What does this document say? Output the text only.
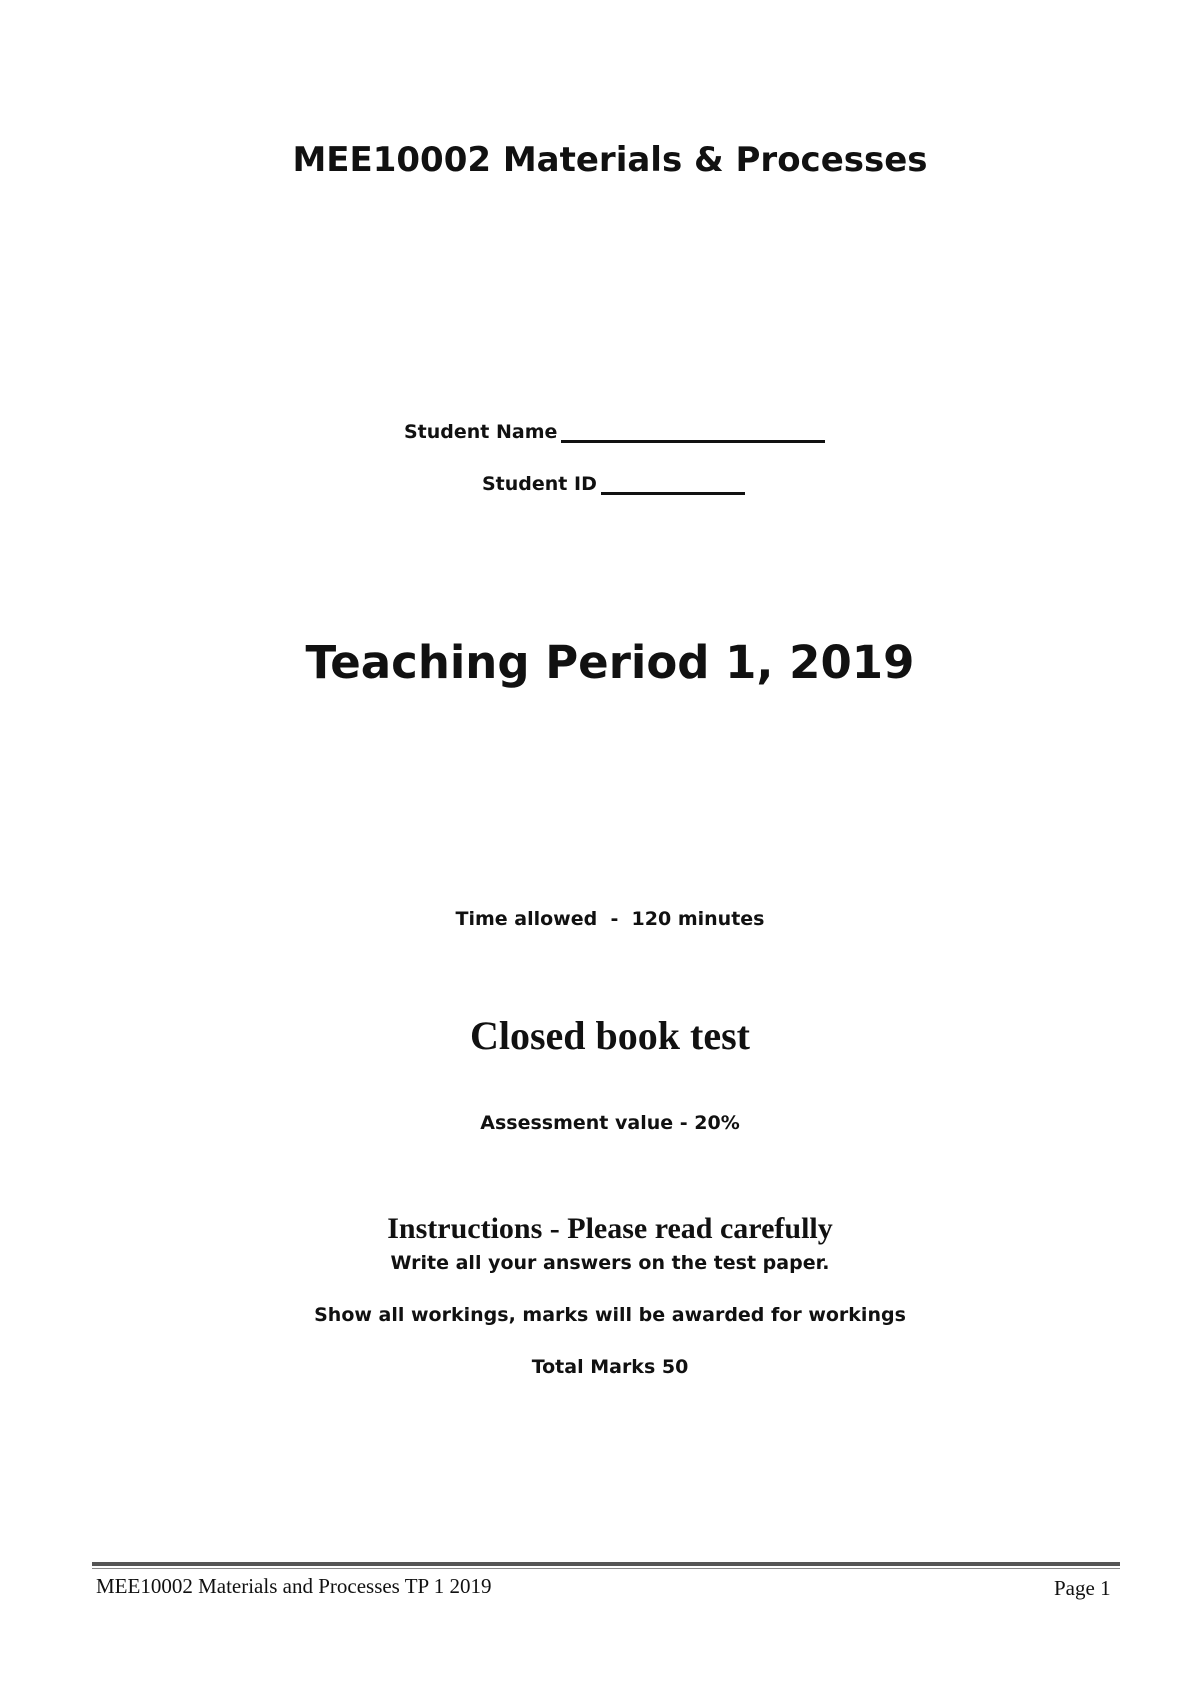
MEE10002 Materials & Processes
Student Name
Student ID
Teaching Period 1, 2019
Time allowed  -  120 minutes
Closed book test
Assessment value - 20%
Instructions - Please read carefully
Write all your answers on the test paper.
Show all workings, marks will be awarded for workings
Total Marks 50
MEE10002 Materials and Processes TP 1 2019	Page 1
